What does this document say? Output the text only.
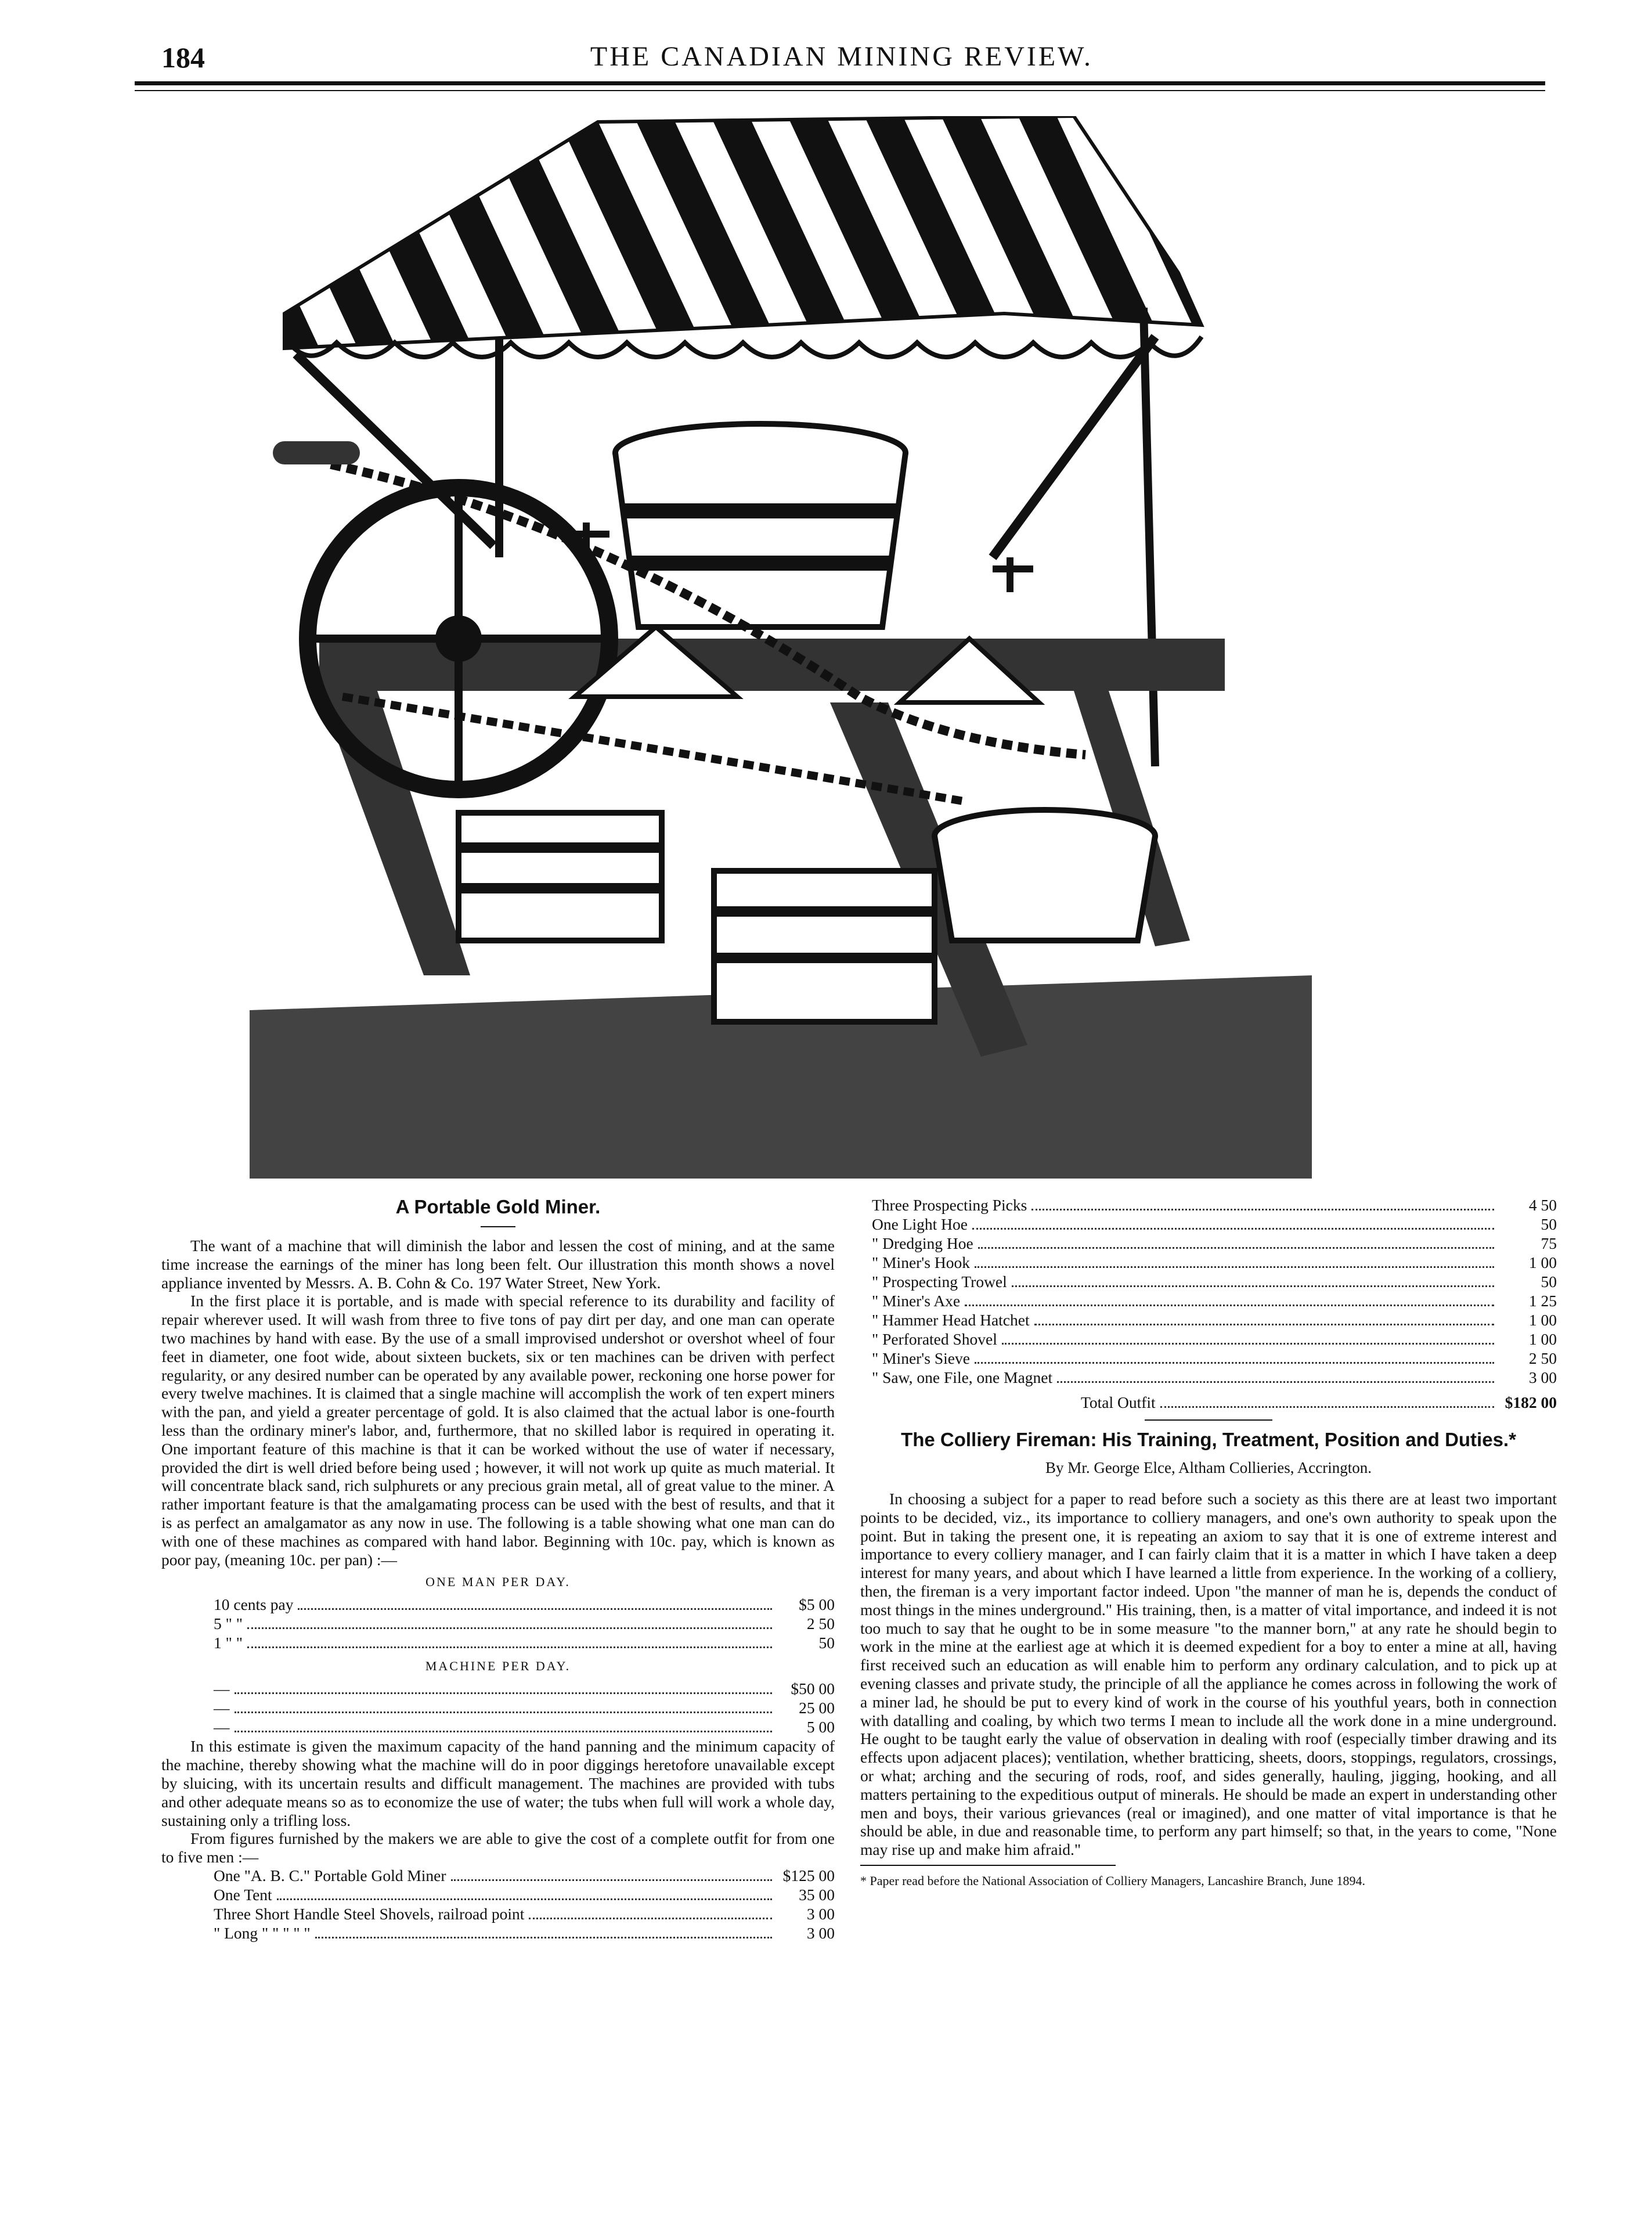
184	THE CANADIAN MINING REVIEW.
A Portable Gold Miner.

The want of a machine that will diminish the labor and lessen the cost of mining, and at the same time increase the earnings of the miner has long been felt. Our illustration this month shows a novel appliance invented by Messrs. A. B. Cohn & Co. 197 Water Street, New York.

In the first place it is portable, and is made with special reference to its durability and facility of repair wherever used. It will wash from three to five tons of pay dirt per day, and one man can operate two machines by hand with ease. By the use of a small improvised undershot or overshot wheel of four feet in diameter, one foot wide, about sixteen buckets, six or ten machines can be driven with perfect regularity, or any desired number can be operated by any available power, reckoning one horse power for every twelve machines. It is claimed that a single machine will accomplish the work of ten expert miners with the pan, and yield a greater percentage of gold. It is also claimed that the actual labor is one-fourth less than the ordinary miner's labor, and, furthermore, that no skilled labor is required in operating it. One important feature of this machine is that it can be worked without the use of water if necessary, provided the dirt is well dried before being used ; however, it will not work up quite as much material. It will concentrate black sand, rich sulphurets or any precious grain metal, all of great value to the miner. A rather important feature is that the amalgamating process can be used with the best of results, and that it is as perfect an amalgamator as any now in use. The following is a table showing what one man can do with one of these machines as compared with hand labor. Beginning with 10c. pay, which is known as poor pay, (meaning 10c. per pan) :—

ONE MAN PER DAY.
10 cents pay	$5 00
5 " "	2 50
1 " "	50
MACHINE PER DAY.
—	$50 00
—	25 00
—	5 00

In this estimate is given the maximum capacity of the hand panning and the minimum capacity of the machine, thereby showing what the machine will do in poor diggings heretofore unavailable except by sluicing, with its uncertain results and difficult management. The machines are provided with tubs and other adequate means so as to economize the use of water; the tubs when full will work a whole day, sustaining only a trifling loss.

From figures furnished by the makers we are able to give the cost of a complete outfit for from one to five men :—

One "A. B. C." Portable Gold Miner	$125 00
One Tent	35 00
Three Short Handle Steel Shovels, railroad point	3 00
" Long " " " " "	3 00
Three Prospecting Picks	4 50
One Light Hoe	50
" Dredging Hoe	75
" Miner's Hook	1 00
" Prospecting Trowel	50
" Miner's Axe	1 25
" Hammer Head Hatchet	1 00
" Perforated Shovel	1 00
" Miner's Sieve	2 50
" Saw, one File, one Magnet	3 00
Total Outfit	$182 00
The Colliery Fireman: His Training, Treatment, Position and Duties.*
By Mr. George Elce, Altham Collieries, Accrington.

In choosing a subject for a paper to read before such a society as this there are at least two important points to be decided, viz., its importance to colliery managers, and one's own authority to speak upon the point. But in taking the present one, it is repeating an axiom to say that it is one of extreme interest and importance to every colliery manager, and I can fairly claim that it is a matter in which I have taken a deep interest for many years, and about which I have learned a little from experience. In the working of a colliery, then, the fireman is a very important factor indeed. Upon "the manner of man he is, depends the conduct of most things in the mines underground." His training, then, is a matter of vital importance, and indeed it is not too much to say that he ought to be in some measure "to the manner born," at any rate he should begin to work in the mine at the earliest age at which it is deemed expedient for a boy to enter a mine at all, having first received such an education as will enable him to perform any ordinary calculation, and to pick up at evening classes and private study, the principle of all the appliance he comes across in following the work of a miner lad, he should be put to every kind of work in the course of his youthful years, both in connection with datalling and coaling, by which two terms I mean to include all the work done in a mine underground. He ought to be taught early the value of observation in dealing with roof (especially timber drawing and its effects upon adjacent places); ventilation, whether bratticing, sheets, doors, stoppings, regulators, crossings, or what; arching and the securing of rods, roof, and sides generally, hauling, jigging, hooking, and all matters pertaining to the expeditious output of minerals. He should be made an expert in understanding other men and boys, their various grievances (real or imagined), and one matter of vital importance is that he should be able, in due and reasonable time, to perform any part himself; so that, in the years to come, "None may rise up and make him afraid."

* Paper read before the National Association of Colliery Managers, Lancashire Branch, June 1894.
